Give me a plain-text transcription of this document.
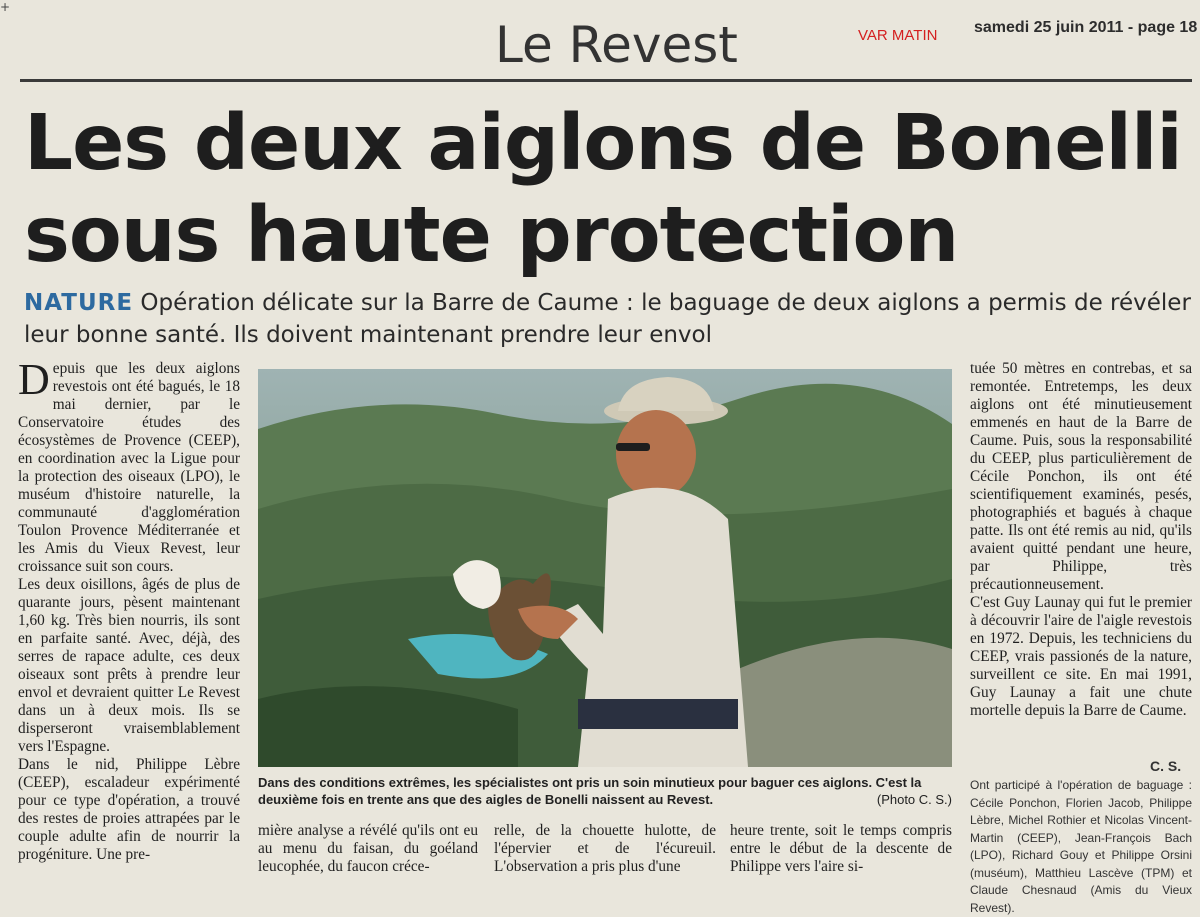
+
Le Revest	VAR MATIN samedi 25 juin 2011 - page 18
Les deux aiglons de Bonelli
sous haute protection
NATURE Opération délicate sur la Barre de Caume : le baguage de deux aiglons a permis de révéler leur bonne santé. Ils doivent maintenant prendre leur envol

Depuis que les deux aiglons revestois ont été bagués, le 18 mai dernier, par le Conservatoire études des écosystèmes de Provence (CEEP), en coordination avec la Ligue pour la protection des oiseaux (LPO), le muséum d'histoire naturelle, la communauté d'agglomération Toulon Provence Méditerranée et les Amis du Vieux Revest, leur croissance suit son cours.

Les deux oisillons, âgés de plus de quarante jours, pèsent maintenant 1,60 kg. Très bien nourris, ils sont en parfaite santé. Avec, déjà, des serres de rapace adulte, ces deux oiseaux sont prêts à prendre leur envol et devraient quitter Le Revest dans un à deux mois. Ils se disperseront vraisemblablement vers l'Espagne.

Dans le nid, Philippe Lèbre (CEEP), escaladeur expérimenté pour ce type d'opération, a trouvé des restes de proies attrapées par le couple adulte afin de nourrir la progéniture. Une pre-

Dans des conditions extrêmes, les spécialistes ont pris un soin minutieux pour baguer ces aiglons. C'est la deuxième fois en trente ans que des aigles de Bonelli naissent au Revest.	(Photo C. S.)
mière analyse a révélé qu'ils ont eu au menu du faisan, du goéland leucophée, du faucon créce-
relle, de la chouette hulotte, de l'épervier et de l'écureuil. L'observation a pris plus d'une
heure trente, soit le temps compris entre le début de la descente de Philippe vers l'aire si-

tuée 50 mètres en contrebas, et sa remontée. Entretemps, les deux aiglons ont été minutieusement emmenés en haut de la Barre de Caume. Puis, sous la responsabilité du CEEP, plus particulièrement de Cécile Ponchon, ils ont été scientifiquement examinés, pesés, photographiés et bagués à chaque patte. Ils ont été remis au nid, qu'ils avaient quitté pendant une heure, par Philippe, très précautionneusement.

C'est Guy Launay qui fut le premier à découvrir l'aire de l'aigle revestois en 1972. Depuis, les techniciens du CEEP, vrais passionés de la nature, surveillent ce site. En mai 1991, Guy Launay a fait une chute mortelle depuis la Barre de Caume.

C. S.
Ont participé à l'opération de baguage : Cécile Ponchon, Florien Jacob, Philippe Lèbre, Michel Rothier et Nicolas Vincent-Martin (CEEP), Jean-François Bach (LPO), Richard Gouy et Philippe Orsini (muséum), Matthieu Lascève (TPM) et Claude Chesnaud (Amis du Vieux Revest).
